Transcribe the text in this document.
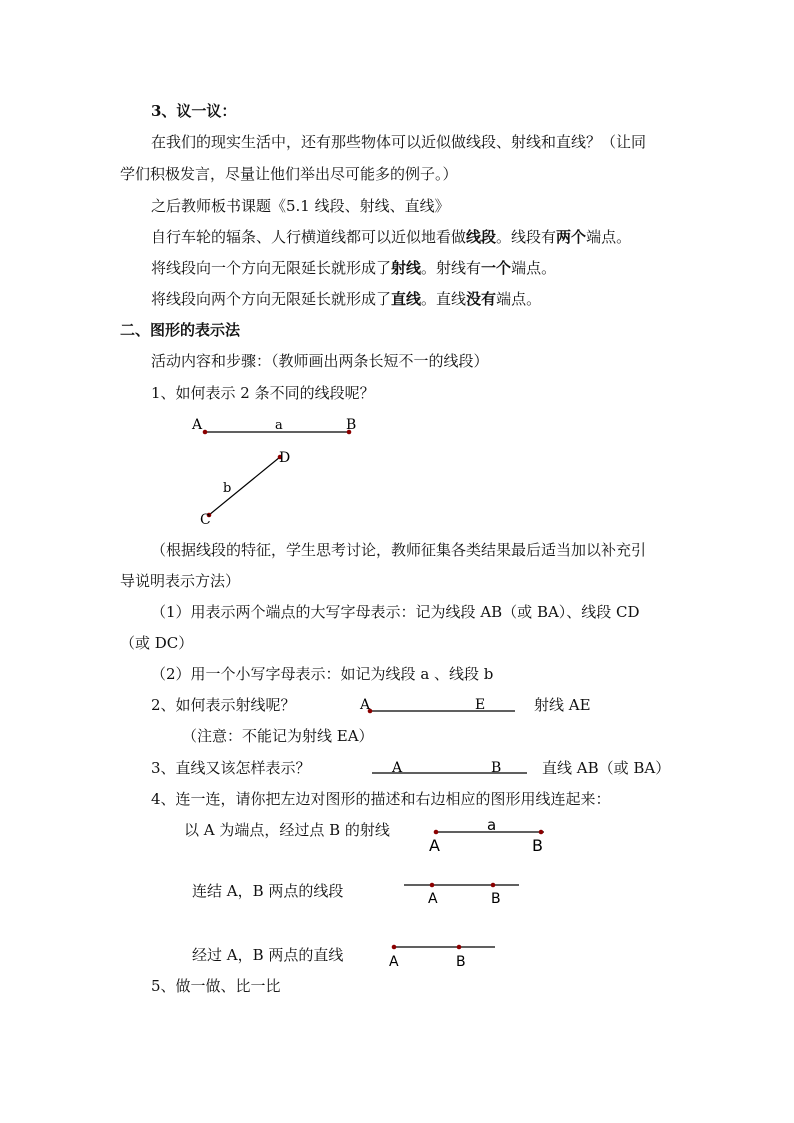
3、议一议：
在我们的现实生活中，还有那些物体可以近似做线段、射线和直线？（让同
学们积极发言，尽量让他们举出尽可能多的例子。）
之后教师板书课题《5.1 线段、射线、直线》
自行车轮的辐条、人行横道线都可以近似地看做线段。线段有两个端点。
将线段向一个方向无限延长就形成了射线。射线有一个端点。
将线段向两个方向无限延长就形成了直线。直线没有端点。
二、图形的表示法
活动内容和步骤：（教师画出两条长短不一的线段）
1、如何表示 2 条不同的线段呢？
（根据线段的特征，学生思考讨论，教师征集各类结果最后适当加以补充引
导说明表示方法）
（1）用表示两个端点的大写字母表示：记为线段 AB（或 BA）、线段 CD
（或 DC）
（2）用一个小写字母表示：如记为线段 a 、线段 b
2、如何表示射线呢？	射线 AE
（注意：不能记为射线 EA）
3、直线又该怎样表示？	直线 AB（或 BA）
4、连一连，请你把左边对图形的描述和右边相应的图形用线连起来：
以 A 为端点，经过点 B 的射线
连结 A，B 两点的线段
经过 A，B 两点的直线
5、做一做、比一比
A	B
a
C
D
b
A	E
A	B
A	B
a
A	B
A	B
